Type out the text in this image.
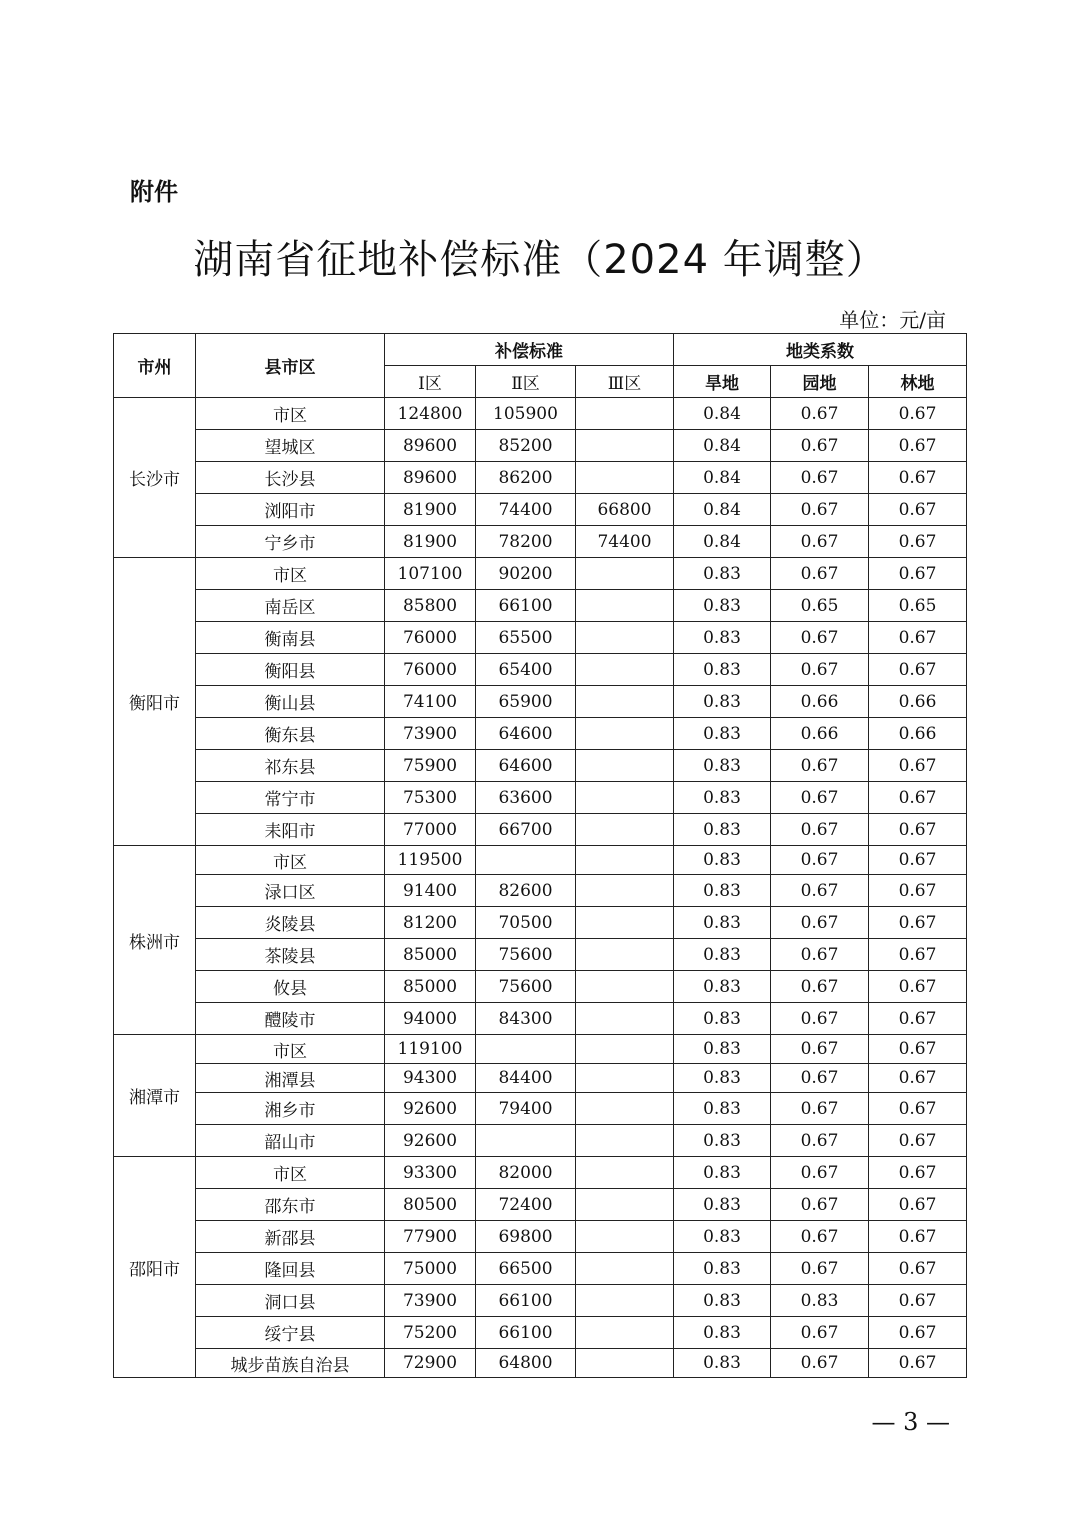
附件
湖南省征地补偿标准（2024 年调整）
单位：元/亩
市州	县市区	补偿标准			地类系数		
		Ⅰ区	Ⅱ区	Ⅲ区	旱地	园地	林地
长沙市	市区	124800	105900		0.84	0.67	0.67
	望城区	89600	85200		0.84	0.67	0.67
	长沙县	89600	86200		0.84	0.67	0.67
	浏阳市	81900	74400	66800	0.84	0.67	0.67
	宁乡市	81900	78200	74400	0.84	0.67	0.67
衡阳市	市区	107100	90200		0.83	0.67	0.67
	南岳区	85800	66100		0.83	0.65	0.65
	衡南县	76000	65500		0.83	0.67	0.67
	衡阳县	76000	65400		0.83	0.67	0.67
	衡山县	74100	65900		0.83	0.66	0.66
	衡东县	73900	64600		0.83	0.66	0.66
	祁东县	75900	64600		0.83	0.67	0.67
	常宁市	75300	63600		0.83	0.67	0.67
	耒阳市	77000	66700		0.83	0.67	0.67
株洲市	市区	119500			0.83	0.67	0.67
	渌口区	91400	82600		0.83	0.67	0.67
	炎陵县	81200	70500		0.83	0.67	0.67
	茶陵县	85000	75600		0.83	0.67	0.67
	攸县	85000	75600		0.83	0.67	0.67
	醴陵市	94000	84300		0.83	0.67	0.67
湘潭市	市区	119100			0.83	0.67	0.67
	湘潭县	94300	84400		0.83	0.67	0.67
	湘乡市	92600	79400		0.83	0.67	0.67
	韶山市	92600			0.83	0.67	0.67
邵阳市	市区	93300	82000		0.83	0.67	0.67
	邵东市	80500	72400		0.83	0.67	0.67
	新邵县	77900	69800		0.83	0.67	0.67
	隆回县	75000	66500		0.83	0.67	0.67
	洞口县	73900	66100		0.83	0.83	0.67
	绥宁县	75200	66100		0.83	0.67	0.67
	城步苗族自治县	72900	64800		0.83	0.67	0.67
— 3 —
